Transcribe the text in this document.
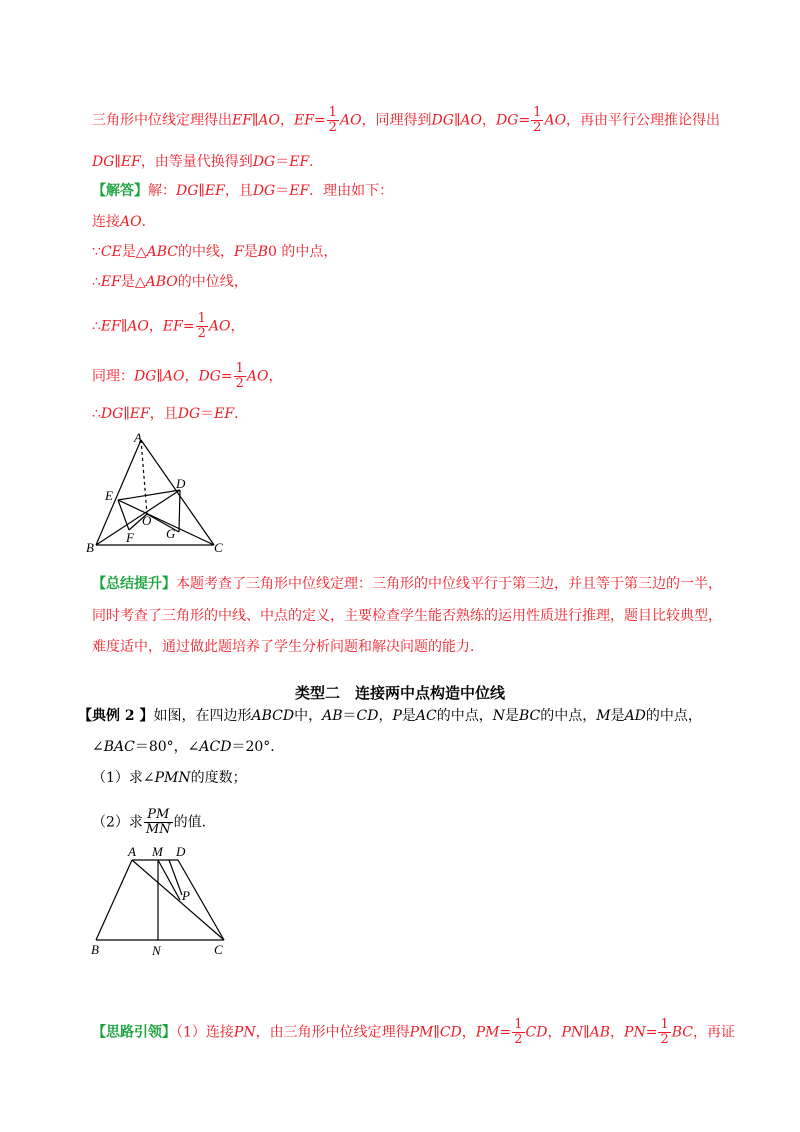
三角形中位线定理得出EF∥AO，$EF= \frac{1}{2}$ AO，同理得到DG∥AO，$DG= \frac{1}{2}$ AO，再由平行公理推论得出
DG∥EF，由等量代换得到DG＝EF．
【解答】解：DG∥EF，且DG＝EF．理由如下：
连接AO．
∵CE是△ABC的中线，F是B0 的中点，
∴EF是△ABO的中位线，
∴EF∥AO，$EF= \frac{1}{2}$ AO，
同理：DG∥AO，$DG= \frac{1}{2}$ AO，
∴DG∥EF，且DG＝EF．
A
B	C
D
E
F G
O
【总结提升】本题考查了三角形中位线定理：三角形的中位线平行于第三边，并且等于第三边的一半，
同时考查了三角形的中线、中点的定义，主要检查学生能否熟练的运用性质进行推理，题目比较典型，
难度适中，通过做此题培养了学生分析问题和解决问题的能力．
类型二　连接两中点构造中位线
【典例 2 】如图，在四边形ABCD中，AB＝CD，P是AC的中点，N是BC的中点，M是AD的中点，
∠BAC＝80°，∠ACD＝20°．
（1）求∠PMN的度数；
（2）求 $\frac{PM}{MN}$ 的值．
A M D
P
B	N	C
【思路引领】（1）连接PN，由三角形中位线定理得PM∥CD，$PM= \frac{1}{2}$ CD，PN∥AB，$PN= \frac{1}{2}$ BC，再证
